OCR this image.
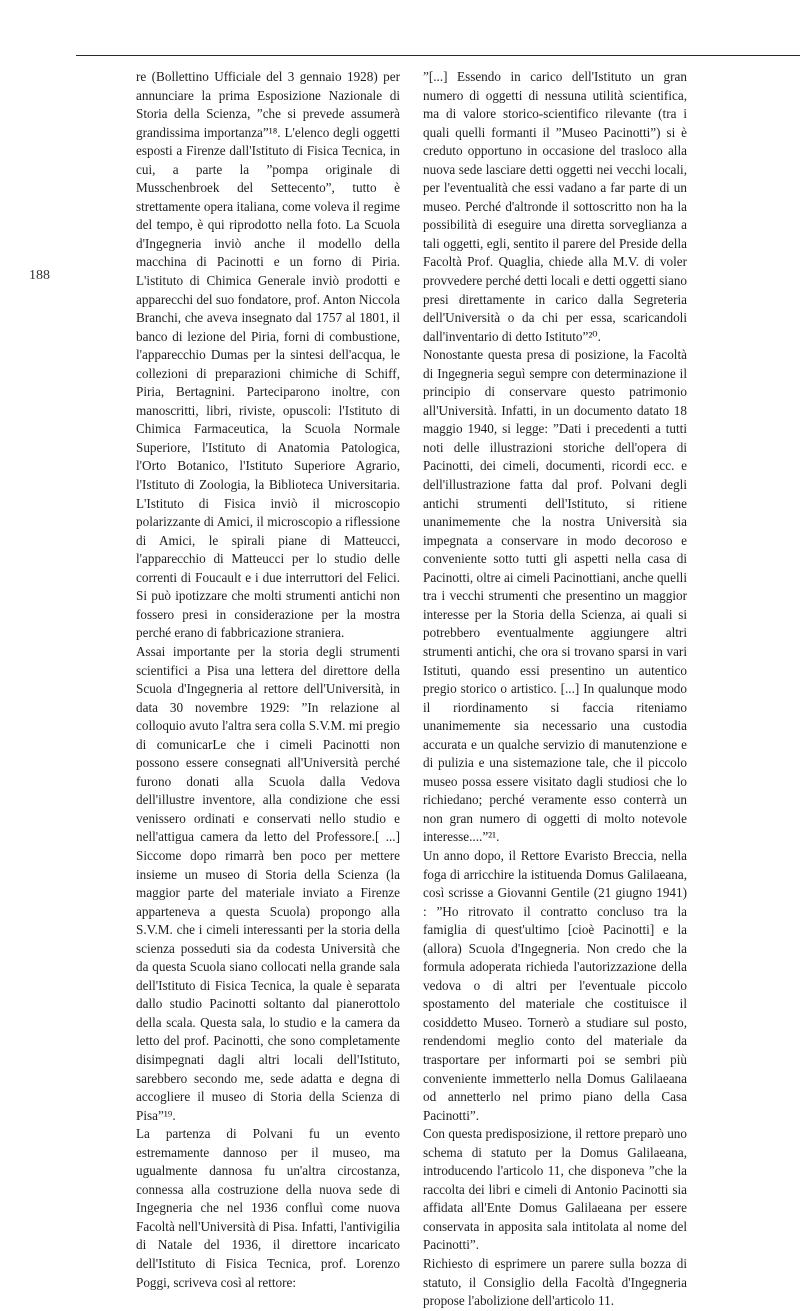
188

re (Bollettino Ufficiale del 3 gennaio 1928) per annunciare la prima Esposizione Nazionale di Storia della Scienza, ”che si prevede assumerà grandissima importanza”¹⁸. L'elenco degli oggetti esposti a Firenze dall'Istituto di Fisica Tecnica, in cui, a parte la ”pompa originale di Musschenbroek del Settecento”, tutto è strettamente opera italiana, come voleva il regime del tempo, è qui riprodotto nella foto. La Scuola d'Ingegneria inviò anche il modello della macchina di Pacinotti e un forno di Piria. L'istituto di Chimica Generale inviò prodotti e apparecchi del suo fondatore, prof. Anton Niccola Branchi, che aveva insegnato dal 1757 al 1801, il banco di lezione del Piria, forni di combustione, l'apparecchio Dumas per la sintesi dell'acqua, le collezioni di preparazioni chimiche di Schiff, Piria, Bertagnini. Parteciparono inoltre, con manoscritti, libri, riviste, opuscoli: l'Istituto di Chimica Farmaceutica, la Scuola Normale Superiore, l'Istituto di Anatomia Patologica, l'Orto Botanico, l'Istituto Superiore Agrario, l'Istituto di Zoologia, la Biblioteca Universitaria. L'Istituto di Fisica inviò il microscopio polarizzante di Amici, il microscopio a riflessione di Amici, le spirali piane di Matteucci, l'apparecchio di Matteucci per lo studio delle correnti di Foucault e i due interruttori del Felici. Si può ipotizzare che molti strumenti antichi non fossero presi in considerazione per la mostra perché erano di fabbricazione straniera.

Assai importante per la storia degli strumenti scientifici a Pisa una lettera del direttore della Scuola d'Ingegneria al rettore dell'Università, in data 30 novembre 1929: ”In relazione al colloquio avuto l'altra sera colla S.V.M. mi pregio di comunicarLe che i cimeli Pacinotti non possono essere consegnati all'Università perché furono donati alla Scuola dalla Vedova dell'illustre inventore, alla condizione che essi venissero ordinati e conservati nello studio e nell'attigua camera da letto del Professore.[ ...] Siccome dopo rimarrà ben poco per mettere insieme un museo di Storia della Scienza (la maggior parte del materiale inviato a Firenze apparteneva a questa Scuola) propongo alla S.V.M. che i cimeli interessanti per la storia della scienza posseduti sia da codesta Università che da questa Scuola siano collocati nella grande sala dell'Istituto di Fisica Tecnica, la quale è separata dallo studio Pacinotti soltanto dal pianerottolo della scala. Questa sala, lo studio e la camera da letto del prof. Pacinotti, che sono completamente disimpegnati dagli altri locali dell'Istituto, sarebbero secondo me, sede adatta e degna di accogliere il museo di Storia della Scienza di Pisa”¹⁹.

La partenza di Polvani fu un evento estremamente dannoso per il museo, ma ugualmente dannosa fu un'altra circostanza, connessa alla costruzione della nuova sede di Ingegneria che nel 1936 confluì come nuova Facoltà nell'Università di Pisa. Infatti, l'antivigilia di Natale del 1936, il direttore incaricato dell'Istituto di Fisica Tecnica, prof. Lorenzo Poggi, scriveva così al rettore:

”[...] Essendo in carico dell'Istituto un gran numero di oggetti di nessuna utilità scientifica, ma di valore storico-scientifico rilevante (tra i quali quelli formanti il ”Museo Pacinotti”) si è creduto opportuno in occasione del trasloco alla nuova sede lasciare detti oggetti nei vecchi locali, per l'eventualità che essi vadano a far parte di un museo. Perché d'altronde il sottoscritto non ha la possibilità di eseguire una diretta sorveglianza a tali oggetti, egli, sentito il parere del Preside della Facoltà Prof. Quaglia, chiede alla M.V. di voler provvedere perché detti locali e detti oggetti siano presi direttamente in carico dalla Segreteria dell'Università o da chi per essa, scaricandoli dall'inventario di detto Istituto”²⁰.

Nonostante questa presa di posizione, la Facoltà di Ingegneria seguì sempre con determinazione il principio di conservare questo patrimonio all'Università. Infatti, in un documento datato 18 maggio 1940, si legge: ”Dati i precedenti a tutti noti delle illustrazioni storiche dell'opera di Pacinotti, dei cimeli, documenti, ricordi ecc. e dell'illustrazione fatta dal prof. Polvani degli antichi strumenti dell'Istituto, si ritiene unanimemente che la nostra Università sia impegnata a conservare in modo decoroso e conveniente sotto tutti gli aspetti nella casa di Pacinotti, oltre ai cimeli Pacinottiani, anche quelli tra i vecchi strumenti che presentino un maggior interesse per la Storia della Scienza, ai quali si potrebbero eventualmente aggiungere altri strumenti antichi, che ora si trovano sparsi in vari Istituti, quando essi presentino un autentico pregio storico o artistico. [...] In qualunque modo il riordinamento si faccia riteniamo unanimemente sia necessario una custodia accurata e un qualche servizio di manutenzione e di pulizia e una sistemazione tale, che il piccolo museo possa essere visitato dagli studiosi che lo richiedano; perché veramente esso conterrà un non gran numero di oggetti di molto notevole interesse....”²¹.

Un anno dopo, il Rettore Evaristo Breccia, nella foga di arricchire la istituenda Domus Galilaeana, così scrisse a Giovanni Gentile (21 giugno 1941) : ”Ho ritrovato il contratto concluso tra la famiglia di quest'ultimo [cioè Pacinotti] e la (allora) Scuola d'Ingegneria. Non credo che la formula adoperata richieda l'autorizzazione della vedova o di altri per l'eventuale piccolo spostamento del materiale che costituisce il cosiddetto Museo. Tornerò a studiare sul posto, rendendomi meglio conto del materiale da trasportare per informarti poi se sembri più conveniente immetterlo nella Domus Galilaeana od annetterlo nel primo piano della Casa Pacinotti”.

Con questa predisposizione, il rettore preparò uno schema di statuto per la Domus Galilaeana, introducendo l'articolo 11, che disponeva ”che la raccolta dei libri e cimeli di Antonio Pacinotti sia affidata all'Ente Domus Galilaeana per essere conservata in apposita sala intitolata al nome del Pacinotti”.

Richiesto di esprimere un parere sulla bozza di statuto, il Consiglio della Facoltà d'Ingegneria propose l'abolizione dell'articolo 11.
